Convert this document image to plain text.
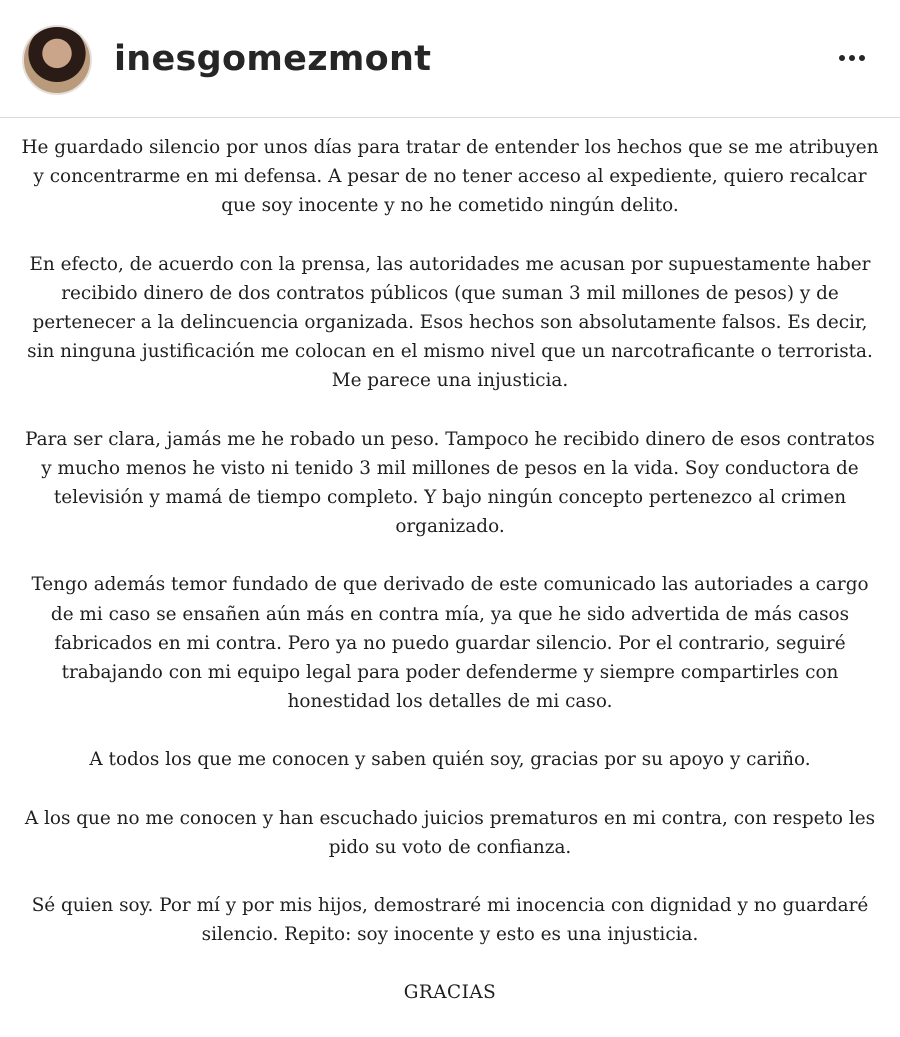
inesgomezmont

He guardado silencio por unos días para tratar de entender los hechos que se me atribuyen y concentrarme en mi defensa. A pesar de no tener acceso al expediente, quiero recalcar que soy inocente y no he cometido ningún delito.

En efecto, de acuerdo con la prensa, las autoridades me acusan por supuestamente haber recibido dinero de dos contratos públicos (que suman 3 mil millones de pesos) y de pertenecer a la delincuencia organizada. Esos hechos son absolutamente falsos. Es decir, sin ninguna justificación me colocan en el mismo nivel que un narcotraficante o terrorista. Me parece una injusticia.

Para ser clara, jamás me he robado un peso. Tampoco he recibido dinero de esos contratos y mucho menos he visto ni tenido 3 mil millones de pesos en la vida. Soy conductora de televisión y mamá de tiempo completo. Y bajo ningún concepto pertenezco al crimen organizado.

Tengo además temor fundado de que derivado de este comunicado las autoriades a cargo de mi caso se ensañen aún más en contra mía, ya que he sido advertida de más casos fabricados en mi contra. Pero ya no puedo guardar silencio. Por el contrario, seguiré trabajando con mi equipo legal para poder defenderme y siempre compartirles con honestidad los detalles de mi caso.

A todos los que me conocen y saben quién soy, gracias por su apoyo y cariño.

A los que no me conocen y han escuchado juicios prematuros en mi contra, con respeto les pido su voto de confianza.

Sé quien soy. Por mí y por mis hijos, demostraré mi inocencia con dignidad y no guardaré silencio. Repito: soy inocente y esto es una injusticia.

GRACIAS
